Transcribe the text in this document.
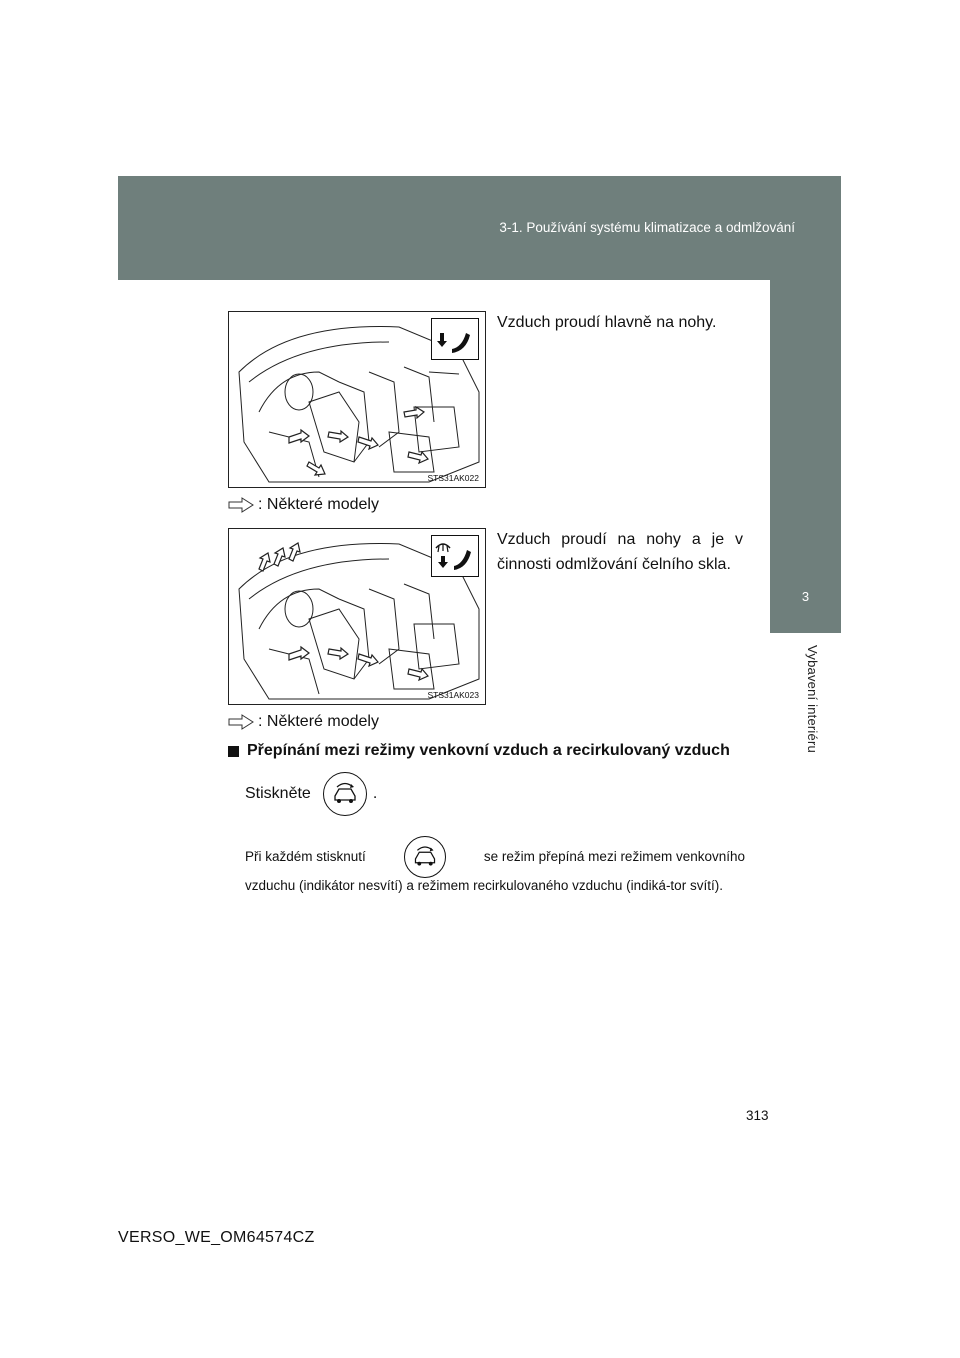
3-1. Používání systému klimatizace a odmlžování
3
Vybavení interiéru
STS31AK022
Vzduch proudí hlavně na nohy.
: Některé modely
STS31AK023
Vzduch proudí na nohy a je v činnosti odmlžování čelního skla.
: Některé modely
Přepínání mezi režimy venkovní vzduch a recirkulovaný vzduch
Stiskněte	.
Při každém stisknutí	se režim přepíná mezi režimem venkovního
vzduchu (indikátor nesvítí) a režimem recirkulovaného vzduchu (indiká-tor svítí).
313
VERSO_WE_OM64574CZ
